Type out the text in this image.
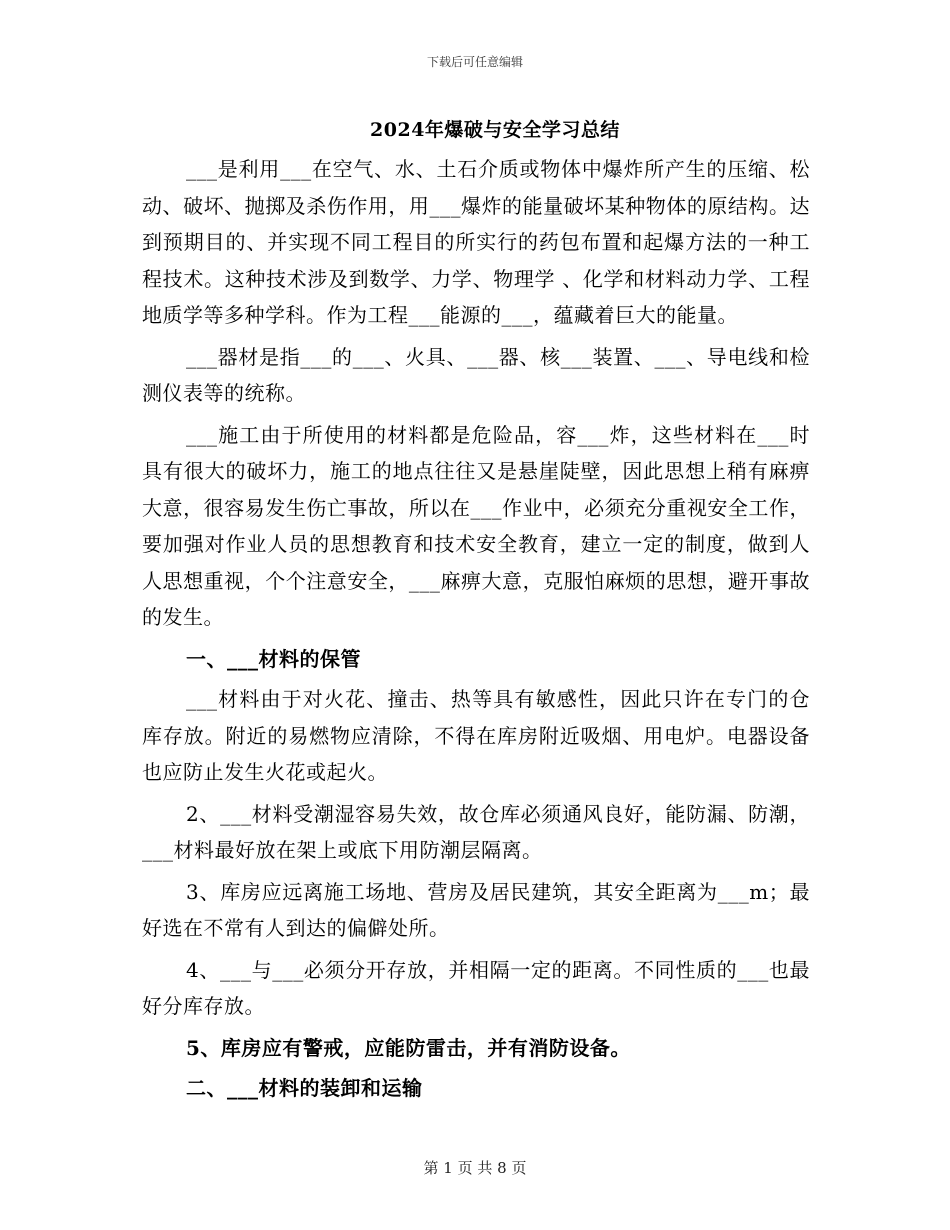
下载后可任意编辑
2024年爆破与安全学习总结

___是利用___在空气、水、土石介质或物体中爆炸所产生的压缩、松动、破坏、抛掷及杀伤作用，用___爆炸的能量破坏某种物体的原结构。达到预期目的、并实现不同工程目的所实行的药包布置和起爆方法的一种工程技术。这种技术涉及到数学、力学、物理学 、化学和材料动力学、工程地质学等多种学科。作为工程___能源的___，蕴藏着巨大的能量。

___器材是指___的___、火具、___器、核___装置、___、导电线和检测仪表等的统称。

___施工由于所使用的材料都是危险品，容___炸，这些材料在___时具有很大的破坏力，施工的地点往往又是悬崖陡壁，因此思想上稍有麻痹大意，很容易发生伤亡事故，所以在___作业中，必须充分重视安全工作，要加强对作业人员的思想教育和技术安全教育，建立一定的制度，做到人人思想重视，个个注意安全，___麻痹大意，克服怕麻烦的思想，避开事故的发生。

一、___材料的保管

___材料由于对火花、撞击、热等具有敏感性，因此只许在专门的仓库存放。附近的易燃物应清除，不得在库房附近吸烟、用电炉。电器设备也应防止发生火花或起火。

2、___材料受潮湿容易失效，故仓库必须通风良好，能防漏、防潮，___材料最好放在架上或底下用防潮层隔离。

3、库房应远离施工场地、营房及居民建筑，其安全距离为___m；最好选在不常有人到达的偏僻处所。

4、___与___必须分开存放，并相隔一定的距离。不同性质的___也最好分库存放。

5、库房应有警戒，应能防雷击，并有消防设备。

二、___材料的装卸和运输

第 1 页 共 8 页
